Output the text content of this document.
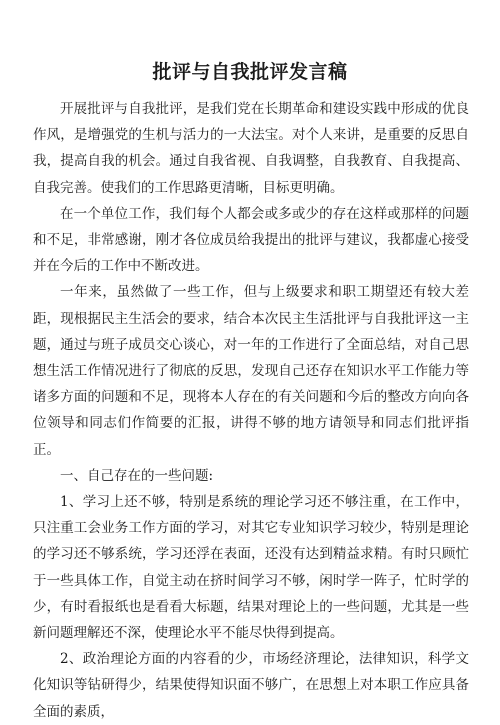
批评与自我批评发言稿

开展批评与自我批评，是我们党在长期革命和建设实践中形成的优良作风，是增强党的生机与活力的一大法宝。对个人来讲，是重要的反思自我，提高自我的机会。通过自我省视、自我调整，自我教育、自我提高、自我完善。使我们的工作思路更清晰，目标更明确。

在一个单位工作，我们每个人都会或多或少的存在这样或那样的问题和不足，非常感谢，刚才各位成员给我提出的批评与建议，我都虚心接受并在今后的工作中不断改进。

一年来，虽然做了一些工作，但与上级要求和职工期望还有较大差距，现根据民主生活会的要求，结合本次民主生活批评与自我批评这一主题，通过与班子成员交心谈心，对一年的工作进行了全面总结，对自己思想生活工作情况进行了彻底的反思，发现自己还存在知识水平工作能力等诸多方面的问题和不足，现将本人存在的有关问题和今后的整改方向向各位领导和同志们作简要的汇报，讲得不够的地方请领导和同志们批评指正。

一、自己存在的一些问题:

1、学习上还不够，特别是系统的理论学习还不够注重，在工作中，只注重工会业务工作方面的学习，对其它专业知识学习较少，特别是理论的学习还不够系统，学习还浮在表面，还没有达到精益求精。有时只顾忙于一些具体工作，自觉主动在挤时间学习不够，闲时学一阵子，忙时学的少，有时看报纸也是看看大标题，结果对理论上的一些问题，尤其是一些新问题理解还不深，使理论水平不能尽快得到提高。

2、政治理论方面的内容看的少，市场经济理论，法律知识，科学文化知识等钻研得少，结果使得知识面不够广，在思想上对本职工作应具备全面的素质，
